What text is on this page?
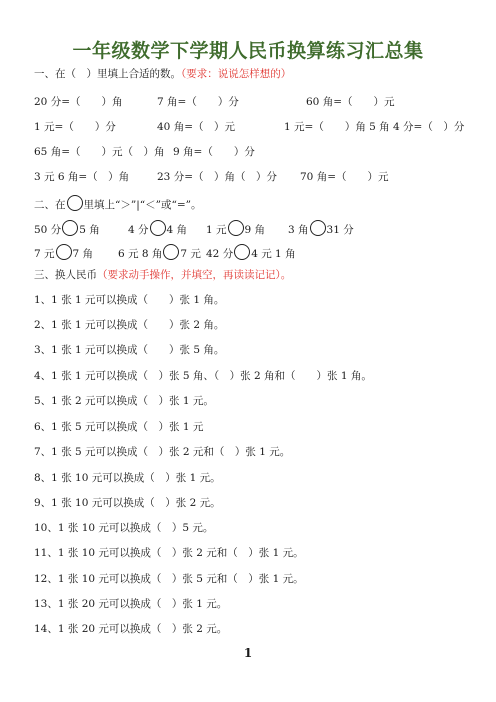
一年级数学下学期人民币换算练习汇总集
一、在（　）里填上合适的数。（要求：说说怎样想的）
20 分=（　　）角	7 角=（　　）分	60 角=（　　）元
1 元=（　　）分	40 角=（　）元	1 元=（　　）角 5 角 4 分=（　）分
65 角=（　　）元（　）角 9 角=（　　）分
3 元 6 角=（　）角	23 分=（　）角（　）分 70 角=（　　）元
二、在 里填上“＞”|“＜”或“=”。
50 分 5 角	4 分 4 角 1 元 9 角 3 角 31 分
7 元 7 角 6 元 8 角 7 元 42 分 4 元 1 角
三、换人民币（要求动手操作，并填空，再读读记记）。
1、1 张 1 元可以换成（　　）张 1 角。
2、1 张 1 元可以换成（　　）张 2 角。
3、1 张 1 元可以换成（　　）张 5 角。
4、1 张 1 元可以换成（　）张 5 角、（　）张 2 角和（　　）张 1 角。
5、1 张 2 元可以换成（　）张 1 元。
6、1 张 5 元可以换成（　）张 1 元
7、1 张 5 元可以换成（　）张 2 元和（　）张 1 元。
8、1 张 10 元可以换成（　）张 1 元。
9、1 张 10 元可以换成（　）张 2 元。
10、1 张 10 元可以换成（　）5 元。
11、1 张 10 元可以换成（　）张 2 元和（　）张 1 元。
12、1 张 10 元可以换成（　）张 5 元和（　）张 1 元。
13、1 张 20 元可以换成（　）张 1 元。
14、1 张 20 元可以换成（　）张 2 元。
1
